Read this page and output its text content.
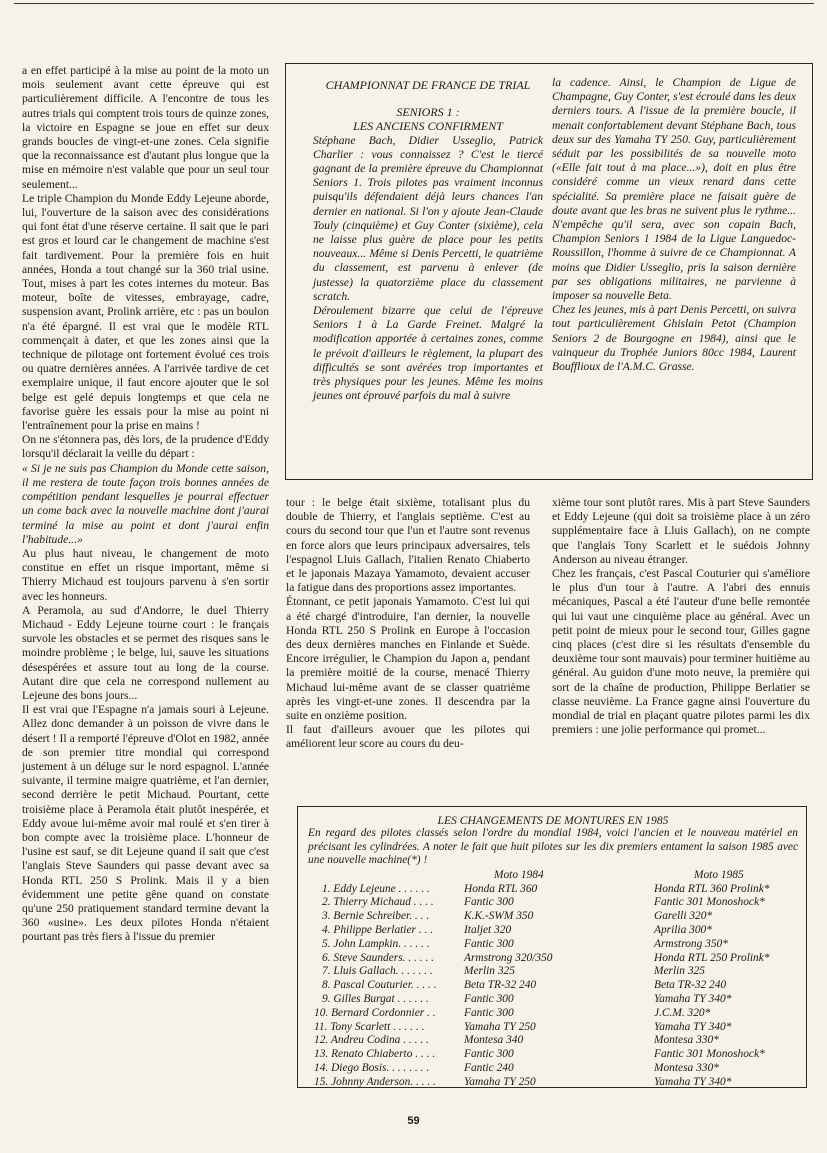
a en effet participé à la mise au point de la moto un mois seulement avant cette épreuve qui est particulièrement difficile. A l'encontre de tous les autres trials qui comptent trois tours de quinze zones, la victoire en Espagne se joue en effet sur deux grands boucles de vingt-et-une zones. Cela signifie que la reconnaissance est d'autant plus longue que la mise en mémoire n'est valable que pour un seul tour seulement...

Le triple Champion du Monde Eddy Lejeune aborde, lui, l'ouverture de la saison avec des considérations qui font état d'une réserve certaine. Il sait que le pari est gros et lourd car le changement de machine s'est fait tardivement. Pour la première fois en huit années, Honda a tout changé sur la 360 trial usine. Tout, mises à part les cotes internes du moteur. Bas moteur, boîte de vitesses, embrayage, cadre, suspension avant, Prolink arrière, etc : pas un boulon n'a été épargné. Il est vrai que le modèle RTL commençait à dater, et que les zones ainsi que la technique de pilotage ont fortement évolué ces trois ou quatre dernières années. A l'arrivée tardive de cet exemplaire unique, il faut encore ajouter que le sol belge est gelé depuis longtemps et que cela ne favorise guère les essais pour la mise au point ni l'entraînement pour la prise en mains !

On ne s'étonnera pas, dès lors, de la prudence d'Eddy lorsqu'il déclarait la veille du départ :

« Si je ne suis pas Champion du Monde cette saison, il me restera de toute façon trois bonnes années de compétition pendant lesquelles je pourrai effectuer un come back avec la nouvelle machine dont j'aurai terminé la mise au point et dont j'aurai enfin l'habitude...»

Au plus haut niveau, le changement de moto constitue en effet un risque important, même si Thierry Michaud est toujours parvenu à s'en sortir avec les honneurs.

A Peramola, au sud d'Andorre, le duel Thierry Michaud - Eddy Lejeune tourne court : le français survole les obstacles et se permet des risques sans le moindre problème ; le belge, lui, sauve les situations désespérées et assure tout au long de la course. Autant dire que cela ne correspond nullement au Lejeune des bons jours...

Il est vrai que l'Espagne n'a jamais souri à Lejeune. Allez donc demander à un poisson de vivre dans le désert ! Il a remporté l'épreuve d'Olot en 1982, année de son premier titre mondial qui correspond justement à un déluge sur le nord espagnol. L'année suivante, il termine maigre quatrième, et l'an dernier, second derrière le petit Michaud. Pourtant, cette troisième place à Peramola était plutôt inespérée, et Eddy avoue lui-même avoir mal roulé et s'en tirer à bon compte avec la troisième place. L'honneur de l'usine est sauf, se dit Lejeune quand il sait que c'est l'anglais Steve Saunders qui passe devant avec sa Honda RTL 250 S Prolink. Mais il y a bien évidemment une petite gêne quand on constate qu'une 250 pratiquement standard termine devant la 360 «usine». Les deux pilotes Honda n'étaient pourtant pas très fiers à l'issue du premier

CHAMPIONNAT DE FRANCE DE TRIAL
SENIORS 1 :
LES ANCIENS CONFIRMENT

Stéphane Bach, Didier Usseglio, Patrick Charlier : vous connaissez ? C'est le tiercé gagnant de la première épreuve du Championnat Seniors 1. Trois pilotes pas vraiment inconnus puisqu'ils défendaient déjà leurs chances l'an dernier en national. Si l'on y ajoute Jean-Claude Touly (cinquième) et Guy Conter (sixième), cela ne laisse plus guère de place pour les petits nouveaux... Même si Denis Percetti, le quatrième du classement, est parvenu à enlever (de justesse) la quatorzième place du classement scratch.

Déroulement bizarre que celui de l'épreuve Seniors 1 à La Garde Freinet. Malgré la modification apportée à certaines zones, comme le prévoit d'ailleurs le règlement, la plupart des difficultés se sont avérées trop importantes et très physiques pour les jeunes. Même les moins jeunes ont éprouvé parfois du mal à suivre

la cadence. Ainsi, le Champion de Ligue de Champagne, Guy Conter, s'est écroulé dans les deux derniers tours. A l'issue de la première boucle, il menait confortablement devant Stéphane Bach, tous deux sur des Yamaha TY 250. Guy, particulièrement séduit par les possibilités de sa nouvelle moto («Elle fait tout à ma place...»), doit en plus être considéré comme un vieux renard dans cette spécialité. Sa première place ne faisait guère de doute avant que les bras ne suivent plus le rythme... N'empêche qu'il sera, avec son copain Bach, Champion Seniors 1 1984 de la Ligue Languedoc-Roussillon, l'homme à suivre de ce Championnat. A moins que Didier Usseglio, pris la saison dernière par ses obligations militaires, ne parvienne à imposer sa nouvelle Beta.

Chez les jeunes, mis à part Denis Percetti, on suivra tout particulièrement Ghislain Petot (Champion Seniors 2 de Bourgogne en 1984), ainsi que le vainqueur du Trophée Juniors 80cc 1984, Laurent Boufflioux de l'A.M.C. Grasse.

tour : le belge était sixième, totalisant plus du double de Thierry, et l'anglais septième. C'est au cours du second tour que l'un et l'autre sont revenus en force alors que leurs principaux adversaires, tels l'espagnol Lluis Gallach, l'italien Renato Chiaberto et le japonais Mazaya Yamamoto, devaient accuser la fatigue dans des proportions assez importantes.

Étonnant, ce petit japonais Yamamoto. C'est lui qui a été chargé d'introduire, l'an dernier, la nouvelle Honda RTL 250 S Prolink en Europe à l'occasion des deux dernières manches en Finlande et Suède. Encore irrégulier, le Champion du Japon a, pendant la première moitié de la course, menacé Thierry Michaud lui-même avant de se classer quatrième après les vingt-et-une zones. Il descendra par la suite en onzième position.

Il faut d'ailleurs avouer que les pilotes qui améliorent leur score au cours du deu-

xième tour sont plutôt rares. Mis à part Steve Saunders et Eddy Lejeune (qui doit sa troisième place à un zéro supplémentaire face à Lluis Gallach), on ne compte que l'anglais Tony Scarlett et le suédois Johnny Anderson au niveau étranger.

Chez les français, c'est Pascal Couturier qui s'améliore le plus d'un tour à l'autre. A l'abri des ennuis mécaniques, Pascal a été l'auteur d'une belle remontée qui lui vaut une cinquième place au général. Avec un petit point de mieux pour le second tour, Gilles gagne cinq places (c'est dire si les résultats d'ensemble du deuxième tour sont mauvais) pour terminer huitième au général. Au guidon d'une moto neuve, la première qui sort de la chaîne de production, Philippe Berlatier se classe neuvième. La France gagne ainsi l'ouverture du mondial de trial en plaçant quatre pilotes parmi les dix premiers : une jolie performance qui promet...

LES CHANGEMENTS DE MONTURES EN 1985

En regard des pilotes classés selon l'ordre du mondial 1984, voici l'ancien et le nouveau matériel en précisant les cylindrées. A noter le fait que huit pilotes sur les dix premiers entament la saison 1985 avec une nouvelle machine(*) !

	Moto 1984	Moto 1985
1. Eddy Lejeune . . . . . .	Honda RTL 360	Honda RTL 360 Prolink*
2. Thierry Michaud . . . .	Fantic 300	Fantic 301 Monoshock*
3. Bernie Schreiber. . . .	K.K.-SWM 350	Garelli 320*
4. Philippe Berlatier . . .	Italjet 320	Aprilia 300*
5. John Lampkin. . . . . .	Fantic 300	Armstrong 350*
6. Steve Saunders. . . . . .	Armstrong 320/350	Honda RTL 250 Prolink*
7. Lluis Gallach. . . . . . .	Merlin 325	Merlin 325
8. Pascal Couturier. . . . .	Beta TR-32 240	Beta TR-32 240
9. Gilles Burgat . . . . . .	Fantic 300	Yamaha TY 340*
10. Bernard Cordonnier . .	Fantic 300	J.C.M. 320*
11. Tony Scarlett . . . . . .	Yamaha TY 250	Yamaha TY 340*
12. Andreu Codina . . . . .	Montesa 340	Montesa 330*
13. Renato Chiaberto . . . .	Fantic 300	Fantic 301 Monoshock*
14. Diego Bosis. . . . . . . .	Fantic 240	Montesa 330*
15. Johnny Anderson. . . . .	Yamaha TY 250	Yamaha TY 340*
59
